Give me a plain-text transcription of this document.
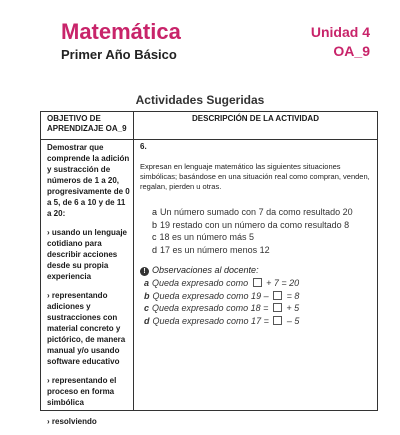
Matemática
Primer Año Básico
Unidad 4
OA_9
Actividades Sugeridas
OBJETIVO DE APRENDIZAJE OA_9
DESCRIPCIÓN DE LA ACTIVIDAD

Demostrar que comprende la adición y sustracción de números de 1 a 20, progresivamente de 0 a 5, de 6 a 10 y de 11 a 20:

› usando un lenguaje cotidiano para describir acciones desde su propia experiencia

› representando adiciones y sustracciones con material concreto y pictórico, de manera manual y/o usando software educativo

› representando el proceso en forma simbólica

› resolviendo

6.
Expresan en lenguaje matemático las siguientes situaciones simbólicas; basándose en una situación real como compran, venden, regalan, pierden u otras.
a Un número sumado con 7 da como resultado 20
b 19 restado con un número da como resultado 8
c 18 es un número más 5
d 17 es un número menos 12
! Observaciones al docente:
a Queda expresado como  + 7 = 20
b Queda expresado como 19 –  = 8
c Queda expresado como 18 =  + 5
d Queda expresado como 17 =  – 5
